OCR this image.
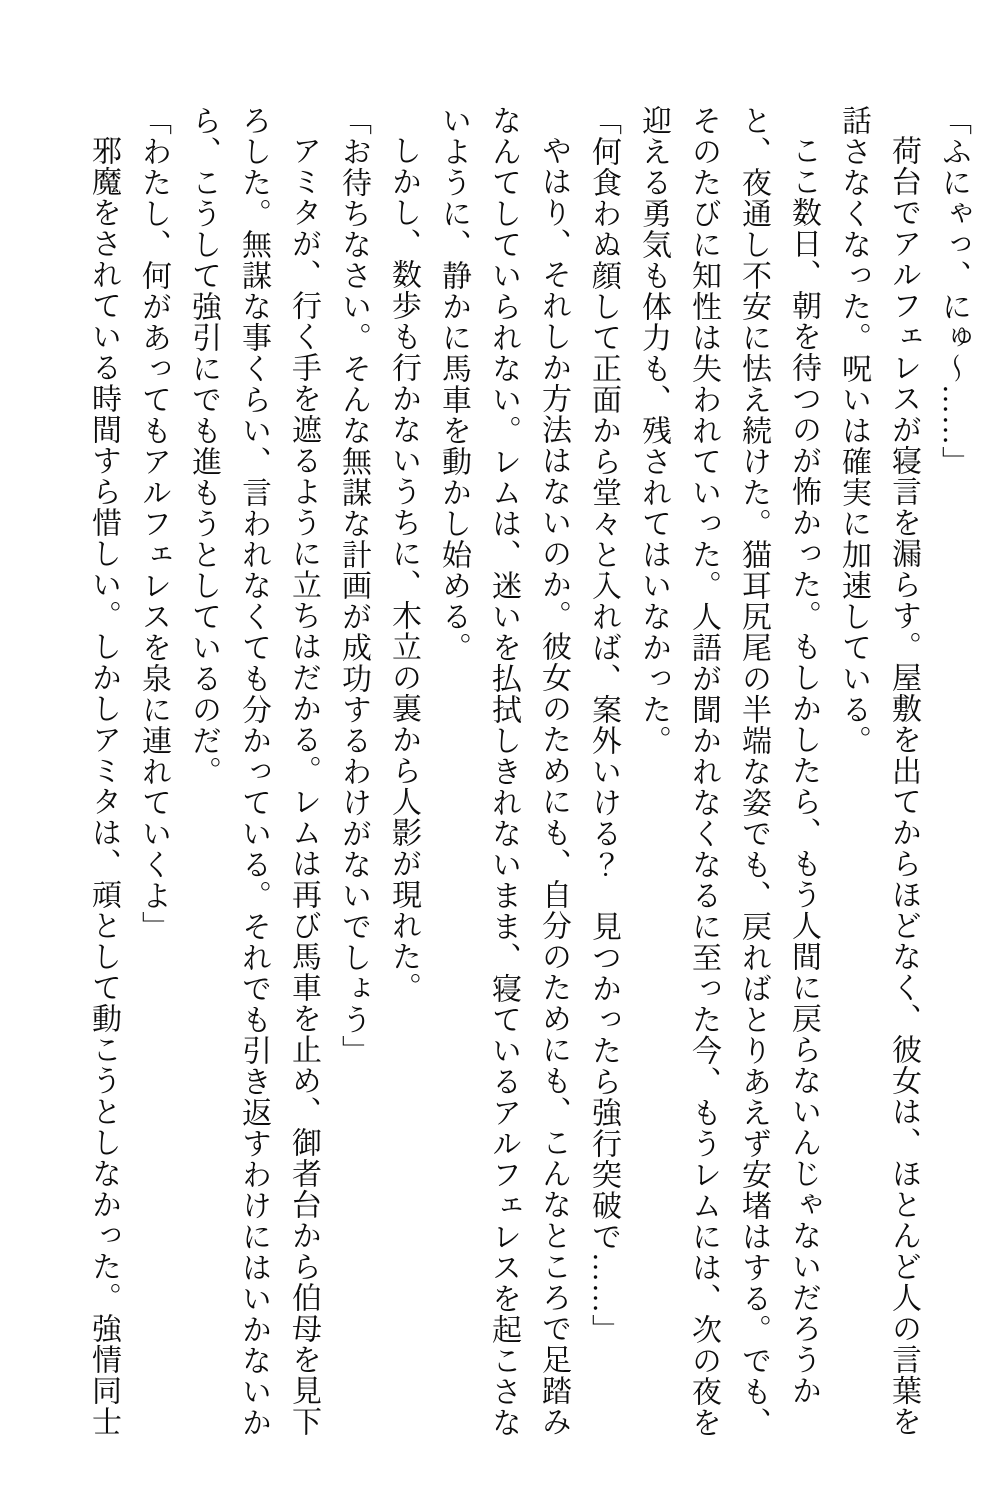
「ふにゃっ、にゅ～……」

荷台でアルフェレスが寝言を漏らす。屋敷を出てからほどなく、彼女は、ほとんど人の言葉を話さなくなった。呪いは確実に加速している。

ここ数日、朝を待つのが怖かった。もしかしたら、もう人間に戻らないんじゃないだろうかと、夜通し不安に怯え続けた。猫耳尻尾の半端な姿でも、戻ればとりあえず安堵はする。でも、そのたびに知性は失われていった。人語が聞かれなくなるに至った今、もうレムには、次の夜を迎える勇気も体力も、残されてはいなかった。

「何食わぬ顔して正面から堂々と入れば、案外いける？　見つかったら強行突破で……」

やはり、それしか方法はないのか。彼女のためにも、自分のためにも、こんなところで足踏みなんてしていられない。レムは、迷いを払拭しきれないまま、寝ているアルフェレスを起こさないように、静かに馬車を動かし始める。

しかし、数歩も行かないうちに、木立の裏から人影が現れた。

「お待ちなさい。そんな無謀な計画が成功するわけがないでしょう」

アミタが、行く手を遮るように立ちはだかる。レムは再び馬車を止め、御者台から伯母を見下ろした。無謀な事くらい、言われなくても分かっている。それでも引き返すわけにはいかないから、こうして強引にでも進もうとしているのだ。

「わたし、何があってもアルフェレスを泉に連れていくよ」

邪魔をされている時間すら惜しい。しかしアミタは、頑として動こうとしなかった。強情同士
